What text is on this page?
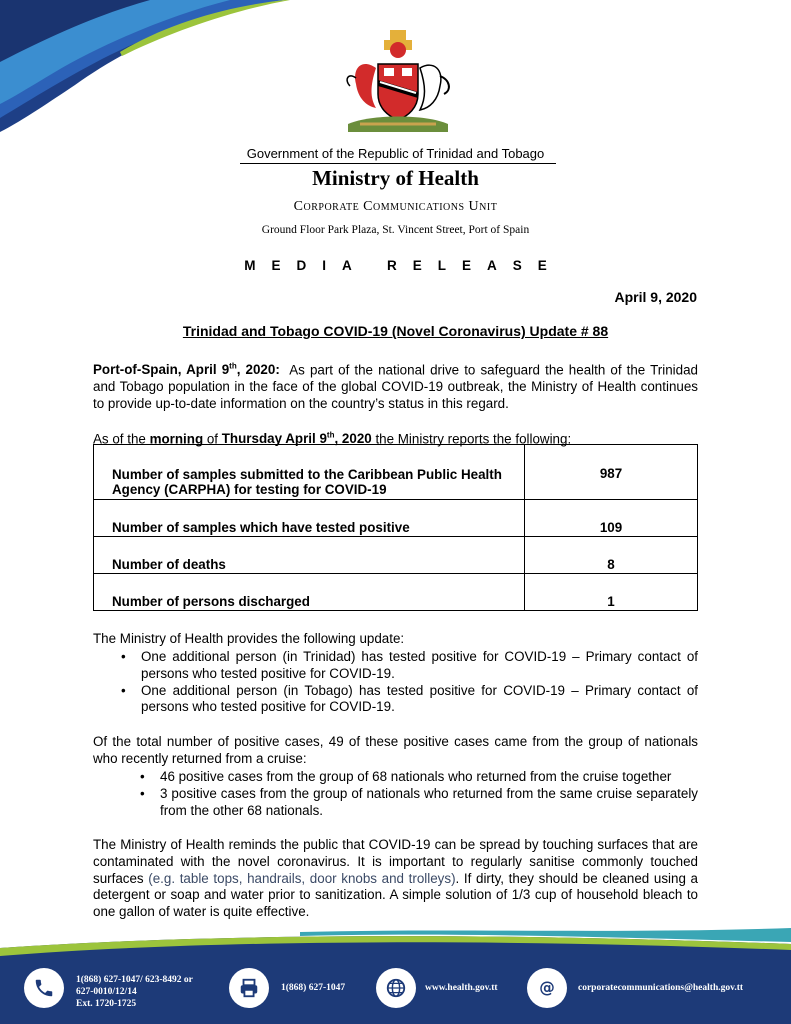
Government of the Republic of Trinidad and Tobago
Ministry of Health
Corporate Communications Unit
Ground Floor Park Plaza, St. Vincent Street, Port of Spain
MEDIA RELEASE
April 9, 2020
Trinidad and Tobago COVID-19 (Novel Coronavirus) Update # 88
Port-of-Spain, April 9th, 2020: As part of the national drive to safeguard the health of the Trinidad and Tobago population in the face of the global COVID-19 outbreak, the Ministry of Health continues to provide up-to-date information on the country’s status in this regard.
As of the morning of Thursday April 9th, 2020 the Ministry reports the following:
Number of samples submitted to the Caribbean Public Health Agency (CARPHA) for testing for COVID-19	987
Number of samples which have tested positive	109
Number of deaths	8
Number of persons discharged	1
The Ministry of Health provides the following update:
• One additional person (in Trinidad) has tested positive for COVID-19 – Primary contact of persons who tested positive for COVID-19.
• One additional person (in Tobago) has tested positive for COVID-19 – Primary contact of persons who tested positive for COVID-19.
Of the total number of positive cases, 49 of these positive cases came from the group of nationals who recently returned from a cruise:
• 46 positive cases from the group of 68 nationals who returned from the cruise together
• 3 positive cases from the group of nationals who returned from the same cruise separately from the other 68 nationals.
The Ministry of Health reminds the public that COVID-19 can be spread by touching surfaces that are contaminated with the novel coronavirus. It is important to regularly sanitise commonly touched surfaces (e.g. table tops, handrails, door knobs and trolleys). If dirty, they should be cleaned using a detergent or soap and water prior to sanitization. A simple solution of 1/3 cup of household bleach to one gallon of water is quite effective.
1(868) 627-1047/ 623-8492 or
627-0010/12/14
Ext. 1720-1725
1(868) 627-1047	www.health.gov.tt @ corporatecommunications@health.gov.tt
